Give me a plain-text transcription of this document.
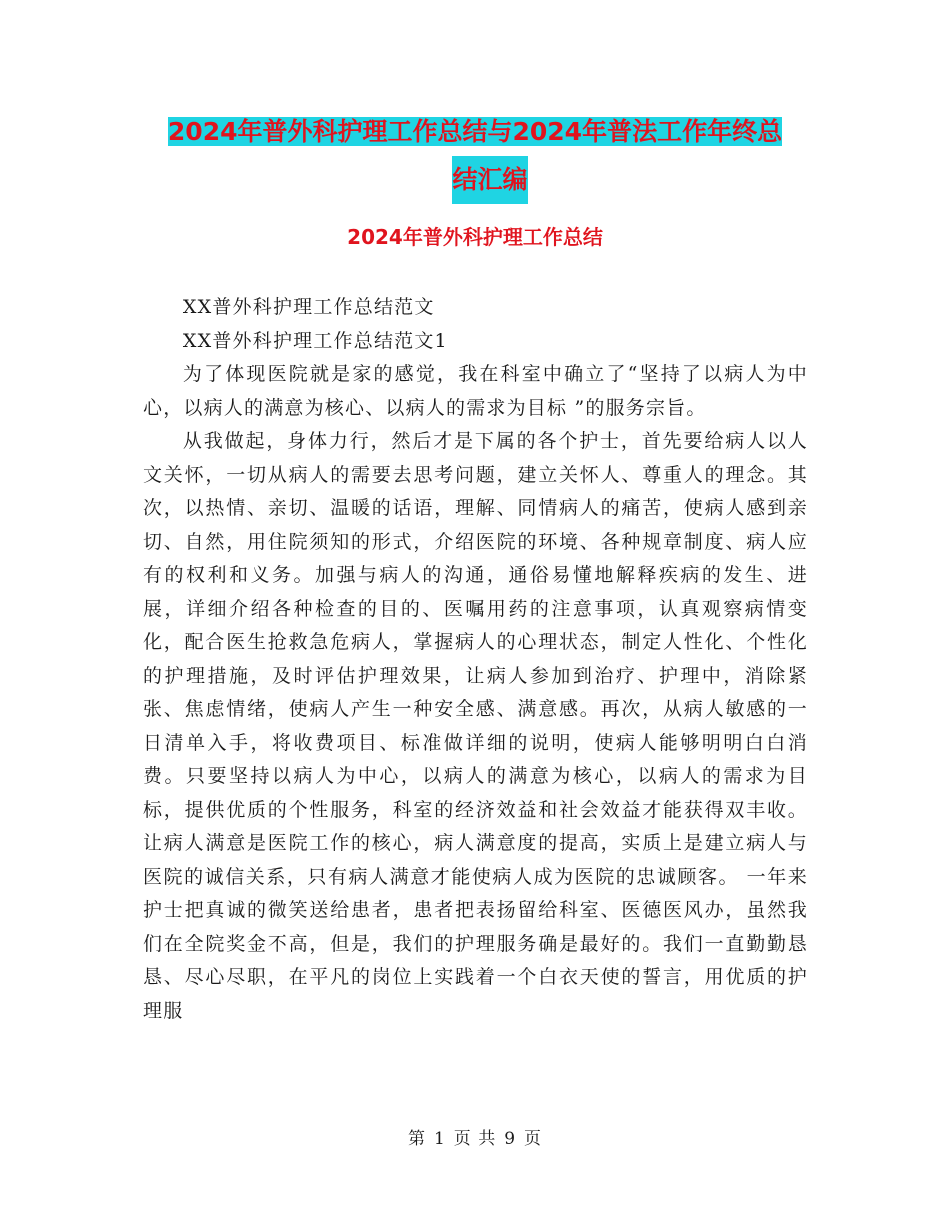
2024年普外科护理工作总结与2024年普法工作年终总
结汇编
2024年普外科护理工作总结

XX普外科护理工作总结范文

XX普外科护理工作总结范文1

为了体现医院就是家的感觉，我在科室中确立了“坚持了以病人为中心，以病人的满意为核心、以病人的需求为目标 ”的服务宗旨。

从我做起，身体力行，然后才是下属的各个护士，首先要给病人以人文关怀，一切从病人的需要去思考问题，建立关怀人、尊重人的理念。其次，以热情、亲切、温暖的话语，理解、同情病人的痛苦，使病人感到亲切、自然，用住院须知的形式，介绍医院的环境、各种规章制度、病人应有的权利和义务。加强与病人的沟通，通俗易懂地解释疾病的发生、进展，详细介绍各种检查的目的、医嘱用药的注意事项，认真观察病情变化，配合医生抢救急危病人，掌握病人的心理状态，制定人性化、个性化的护理措施，及时评估护理效果，让病人参加到治疗、护理中，消除紧张、焦虑情绪，使病人产生一种安全感、满意感。再次，从病人敏感的一日清单入手，将收费项目、标准做详细的说明，使病人能够明明白白消费。只要坚持以病人为中心，以病人的满意为核心，以病人的需求为目标，提供优质的个性服务，科室的经济效益和社会效益才能获得双丰收。让病人满意是医院工作的核心，病人满意度的提高，实质上是建立病人与医院的诚信关系，只有病人满意才能使病人成为医院的忠诚顾客。 一年来护士把真诚的微笑送给患者，患者把表扬留给科室、医德医风办，虽然我们在全院奖金不高，但是，我们的护理服务确是最好的。我们一直勤勤恳恳、尽心尽职，在平凡的岗位上实践着一个白衣天使的誓言，用优质的护理服

第 1 页 共 9 页
